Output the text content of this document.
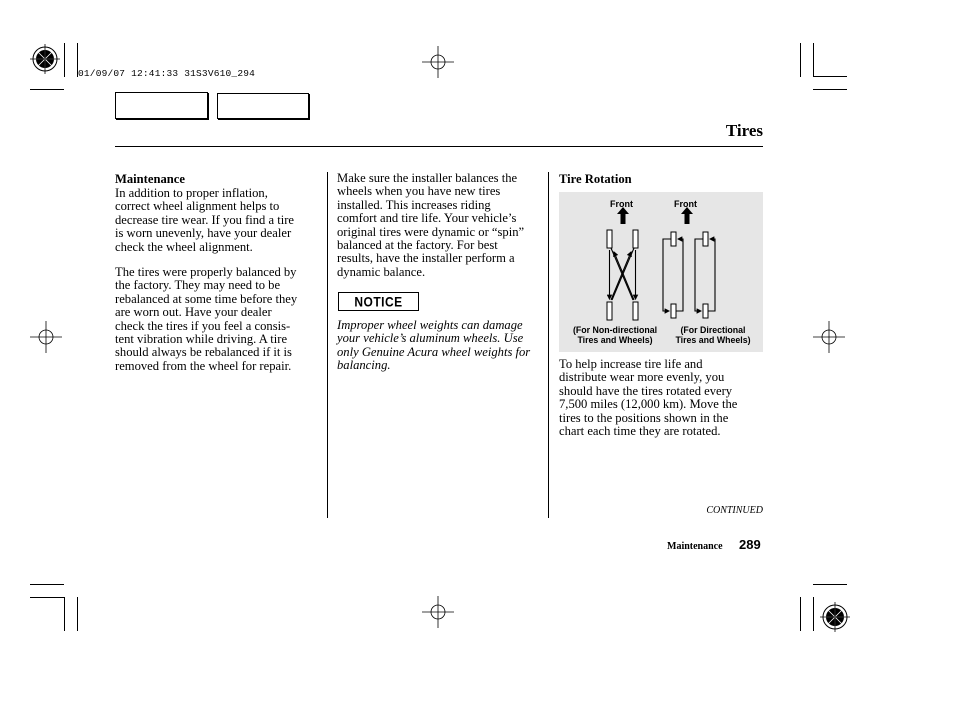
01/09/07 12:41:33 31S3V610_294
Tires
Maintenance
In addition to proper inflation,
correct wheel alignment helps to
decrease tire wear. If you find a tire
is worn unevenly, have your dealer
check the wheel alignment.
The tires were properly balanced by
the factory. They may need to be
rebalanced at some time before they
are worn out. Have your dealer
check the tires if you feel a consis-
tent vibration while driving. A tire
should always be rebalanced if it is
removed from the wheel for repair.
Make sure the installer balances the
wheels when you have new tires
installed. This increases riding
comfort and tire life. Your vehicle’s
original tires were dynamic or “spin”
balanced at the factory. For best
results, have the installer perform a
dynamic balance.
NOTICE
Improper wheel weights can damage
your vehicle’s aluminum wheels. Use
only Genuine Acura wheel weights for
balancing.
Tire Rotation
Front	Front
(For Non-directional
Tires and Wheels)
(For Directional
Tires and Wheels)
To help increase tire life and
distribute wear more evenly, you
should have the tires rotated every
7,500 miles (12,000 km). Move the
tires to the positions shown in the
chart each time they are rotated.
CONTINUED
Maintenance 289
